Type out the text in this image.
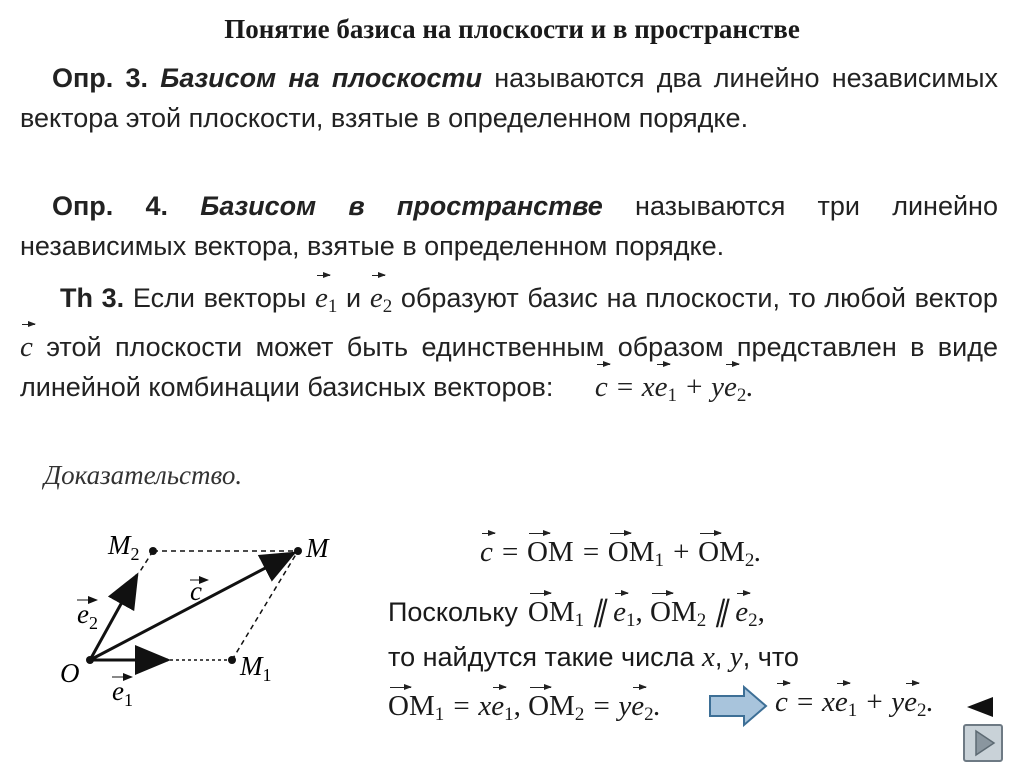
Понятие базиса на плоскости и в пространстве
Опр. 3. Базисом на плоскости называются два линейно независимых вектора этой плоскости, взятые в определенном порядке.
Опр. 4. Базисом в пространстве называются три линейно независимых вектора, взятые в определенном порядке.
Th 3. Если векторы $e_1$ и $e_2$ образуют базис на плоскости, то любой вектор c этой плоскости может быть единственным образом представлен в виде линейной комбинации базисных векторов: $c = xe_1 + ye_2$.
Доказательство.
$M_2$	M
$M_1$
O
c
$e_2$
$e_1$
c = OM = $OM_1 + OM_2$.
Поскольку $OM_1$ ∥ $e_1$, $OM_2$ ∥ $e_2$,
то найдутся такие числа x, y, что
$OM_1 = xe_1$, $OM_2 = ye_2$.	$c = xe_1 + ye_2$.
